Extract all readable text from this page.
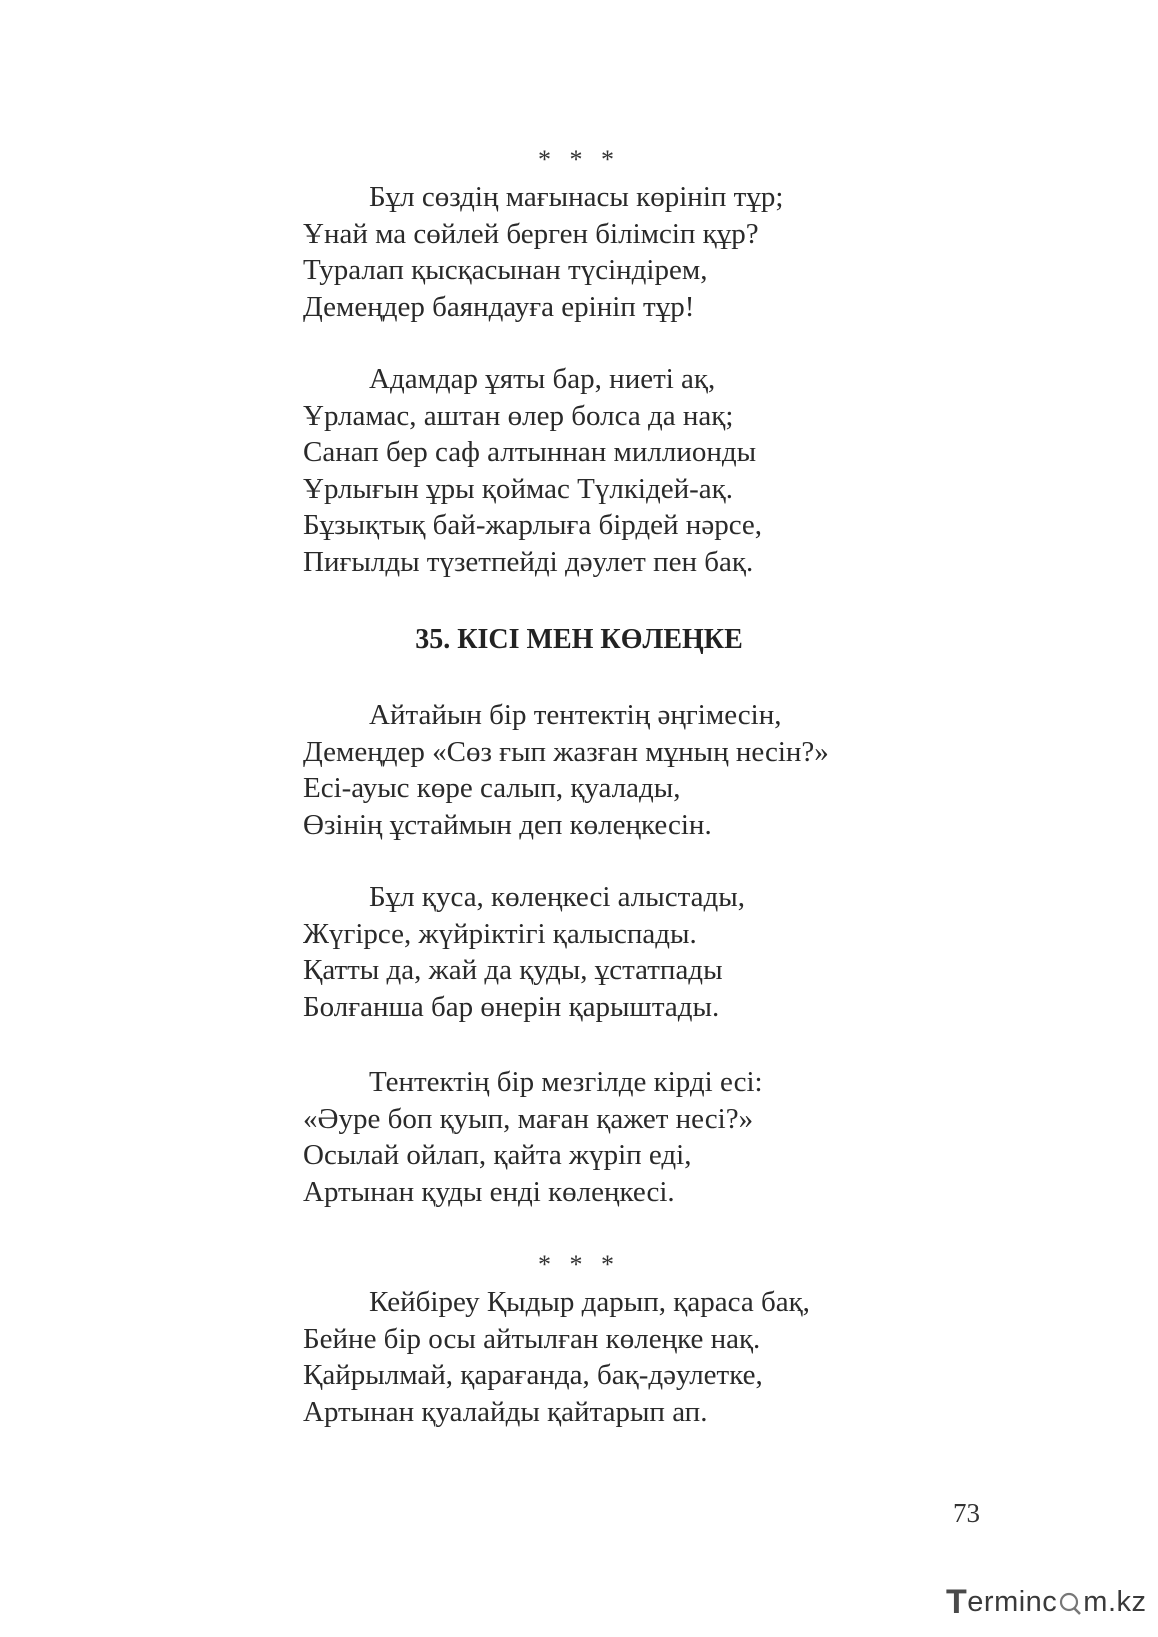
* * *
Бұл сөздің мағынасы көрініп тұр;
Ұнай ма сөйлей берген білімсіп құр?
Туралап қысқасынан түсіндірем,
Демеңдер баяндауға ерініп тұр!
Адамдар ұяты бар, ниеті ақ,
Ұрламас, аштан өлер болса да нақ;
Санап бер саф алтыннан миллионды
Ұрлығын ұры қоймас Түлкідей-ақ.
Бұзықтық бай-жарлыға бірдей нәрсе,
Пиғылды түзетпейді дәулет пен бақ.
35. КІСІ МЕН КӨЛЕҢКЕ
Айтайын бір тентектің әңгімесін,
Демеңдер «Сөз ғып жазған мұның несін?»
Есі-ауыс көре салып, қуалады,
Өзінің ұстаймын деп көлеңкесін.
Бұл қуса, көлеңкесі алыстады,
Жүгірсе, жүйріктігі қалыспады.
Қатты да, жай да қуды, ұстатпады
Болғанша бар өнерін қарыштады.
Тентектің бір мезгілде кірді есі:
«Әуре боп қуып, маған қажет несі?»
Осылай ойлап, қайта жүріп еді,
Артынан қуды енді көлеңкесі.
* * *
Кейбіреу Қыдыр дарып, қараса бақ,
Бейне бір осы айтылған көлеңке нақ.
Қайрылмай, қарағанда, бақ-дәулетке,
Артынан қуалайды қайтарып ап.
73
T erminc m.kz
